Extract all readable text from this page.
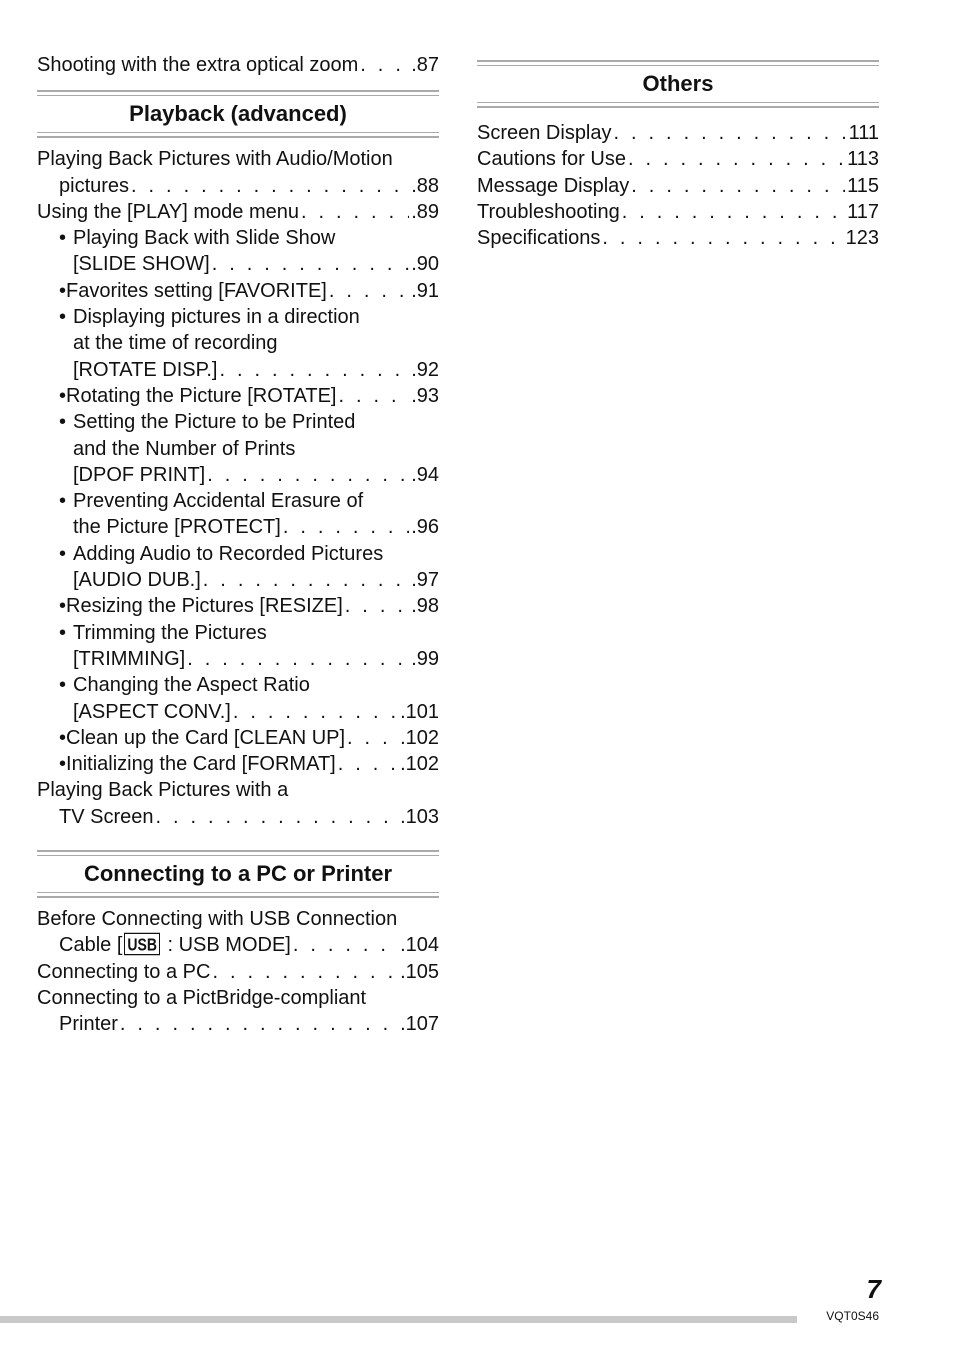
Shooting with the extra optical zoom . . .	.87
Playback (advanced)
Playing Back Pictures with Audio/Motion
pictures . . .	.88
Using the [PLAY] mode menu . . .	.89
• Playing Back with Slide Show
[SLIDE SHOW] . . .	.90
• Favorites setting [FAVORITE] . . .	.91
• Displaying pictures in a direction
at the time of recording
[ROTATE DISP.] . . .	.92
• Rotating the Picture [ROTATE] . . .	.93
• Setting the Picture to be Printed
and the Number of Prints
[DPOF PRINT] . . .	.94
• Preventing Accidental Erasure of
the Picture [PROTECT] . . .	.96
• Adding Audio to Recorded Pictures
[AUDIO DUB.] . . .	.97
• Resizing the Pictures [RESIZE] . . .	.98
• Trimming the Pictures
[TRIMMING] . . .	.99
• Changing the Aspect Ratio
[ASPECT CONV.] . . .	.101
• Clean up the Card [CLEAN UP] . . .	.102
• Initializing the Card [FORMAT] . . .	.102
Playing Back Pictures with a
TV Screen . . .	.103
Connecting to a PC or Printer
Before Connecting with USB Connection
Cable [ USB : USB MODE] . . .	.104
Connecting to a PC . . .	.105
Connecting to a PictBridge-compliant
Printer . . .	.107
Others
Screen Display . . .	111
Cautions for Use . . .	113
Message Display . . .	115
Troubleshooting . . .	117
Specifications . . .	123
7
VQT0S46
